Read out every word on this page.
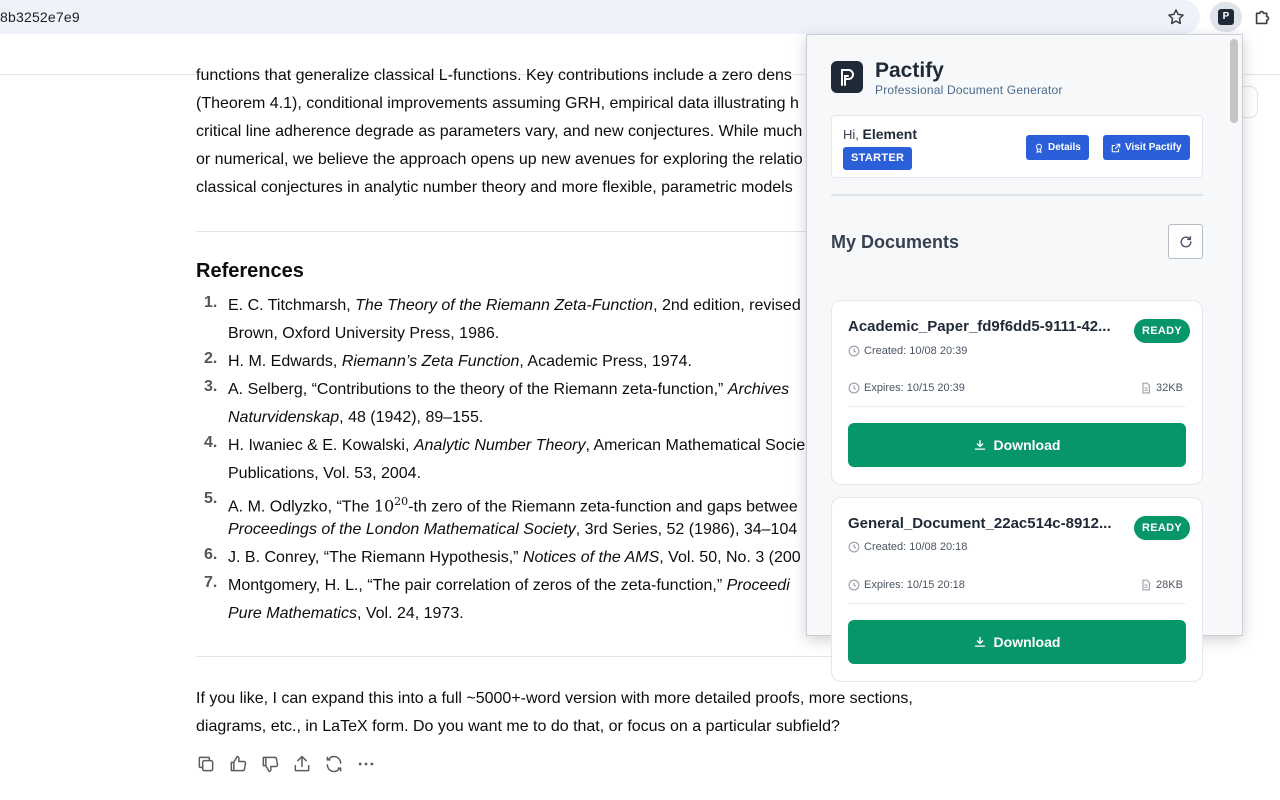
8b3252e7e9	P
functions that generalize classical L-functions. Key contributions include a zero dens
(Theorem 4.1), conditional improvements assuming GRH, empirical data illustrating h
critical line adherence degrade as parameters vary, and new conjectures. While much
or numerical, we believe the approach opens up new avenues for exploring the relatio
classical conjectures in analytic number theory and more flexible, parametric models
References
1. E. C. Titchmarsh, The Theory of the Riemann Zeta-Function, 2nd edition, revised
Brown, Oxford University Press, 1986.
2. H. M. Edwards, Riemann’s Zeta Function, Academic Press, 1974.
3. A. Selberg, “Contributions to the theory of the Riemann zeta-function,” Archives
Naturvidenskap, 48 (1942), 89–155.
4. H. Iwaniec & E. Kowalski, Analytic Number Theory, American Mathematical Socie
Publications, Vol. 53, 2004.
5. A. M. Odlyzko, “The $10^{20}-th$ zero of the Riemann zeta-function and gaps betwee
Proceedings of the London Mathematical Society, 3rd Series, 52 (1986), 34–104
6. J. B. Conrey, “The Riemann Hypothesis,” Notices of the AMS, Vol. 50, No. 3 (200
7. Montgomery, H. L., “The pair correlation of zeros of the zeta-function,” Proceedi
Pure Mathematics, Vol. 24, 1973.
If you like, I can expand this into a full ~5000+-word version with more detailed proofs, more sections,
diagrams, etc., in LaTeX form. Do you want me to do that, or focus on a particular subfield?
Pactify
Professional Document Generator
Hi, Element
STARTER
Details	Visit Pactify
My Documents
Academic_Paper_fd9f6dd5-9111-42...	READY
Created: 10/08 20:39
Expires: 10/15 20:39	32KB
Download
General_Document_22ac514c-8912...	READY
Created: 10/08 20:18
Expires: 10/15 20:18	28KB
Download
